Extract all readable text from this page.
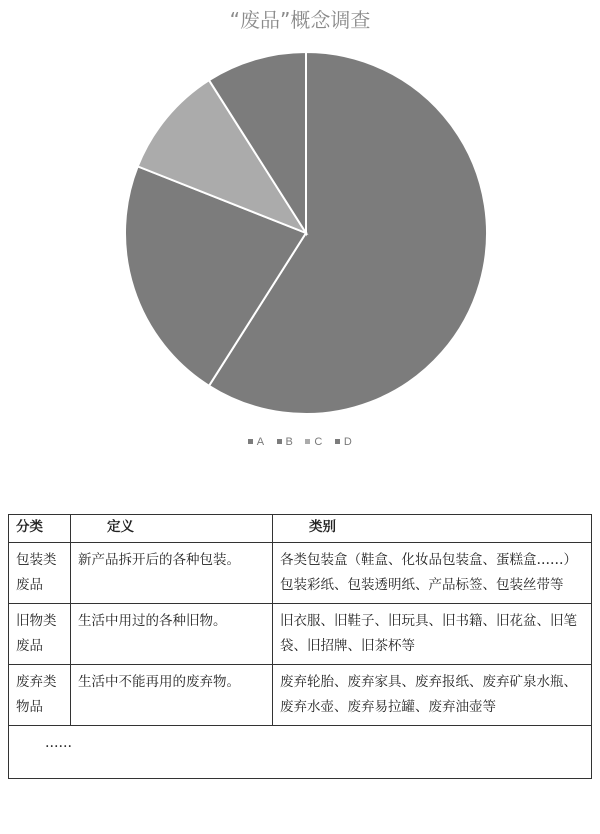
“废品”概念调查
A B C D
分类	定义	类别
包装类废品	新产品拆开后的各种包装。	各类包装盒（鞋盒、化妆品包装盒、蛋糕盒……）包装彩纸、包装透明纸、产品标签、包装丝带等
旧物类废品	生活中用过的各种旧物。	旧衣服、旧鞋子、旧玩具、旧书籍、旧花盆、旧笔袋、旧招牌、旧茶杯等
废弃类物品	生活中不能再用的废弃物。	废弃轮胎、废弃家具、废弃报纸、废弃矿泉水瓶、废弃水壶、废弃易拉罐、废弃油壶等
……		
